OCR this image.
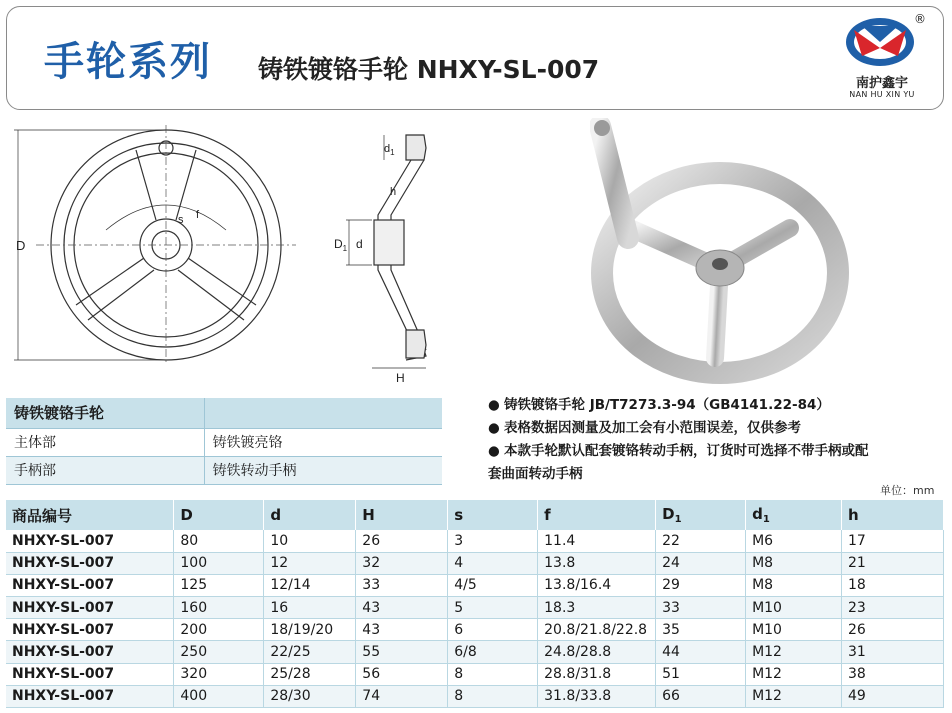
手轮系列 铸铁镀铬手轮 NHXY-SL-007
®
南护鑫宇
NAN HU XIN YU
D
s f
$d_1$
h
$D_1$ d
H
铸铁镀铬手轮	
主体部	铸铁镀亮铬
手柄部	铸铁转动手柄
● 铸铁镀铬手轮 JB/T7273.3-94（GB4141.22-84）
● 表格数据因测量及加工会有小范围误差，仅供参考
● 本款手轮默认配套镀铬转动手柄，订货时可选择不带手柄或配
套曲面转动手柄
单位：mm
商品编号	D	d	H	s	f	$D_1$	$d_1$	h
NHXY-SL-007	80	10	26	3	11.4	22	M6	17
NHXY-SL-007	100	12	32	4	13.8	24	M8	21
NHXY-SL-007	125	12/14	33	4/5	13.8/16.4	29	M8	18
NHXY-SL-007	160	16	43	5	18.3	33	M10	23
NHXY-SL-007	200	18/19/20	43	6	20.8/21.8/22.8	35	M10	26
NHXY-SL-007	250	22/25	55	6/8	24.8/28.8	44	M12	31
NHXY-SL-007	320	25/28	56	8	28.8/31.8	51	M12	38
NHXY-SL-007	400	28/30	74	8	31.8/33.8	66	M12	49
